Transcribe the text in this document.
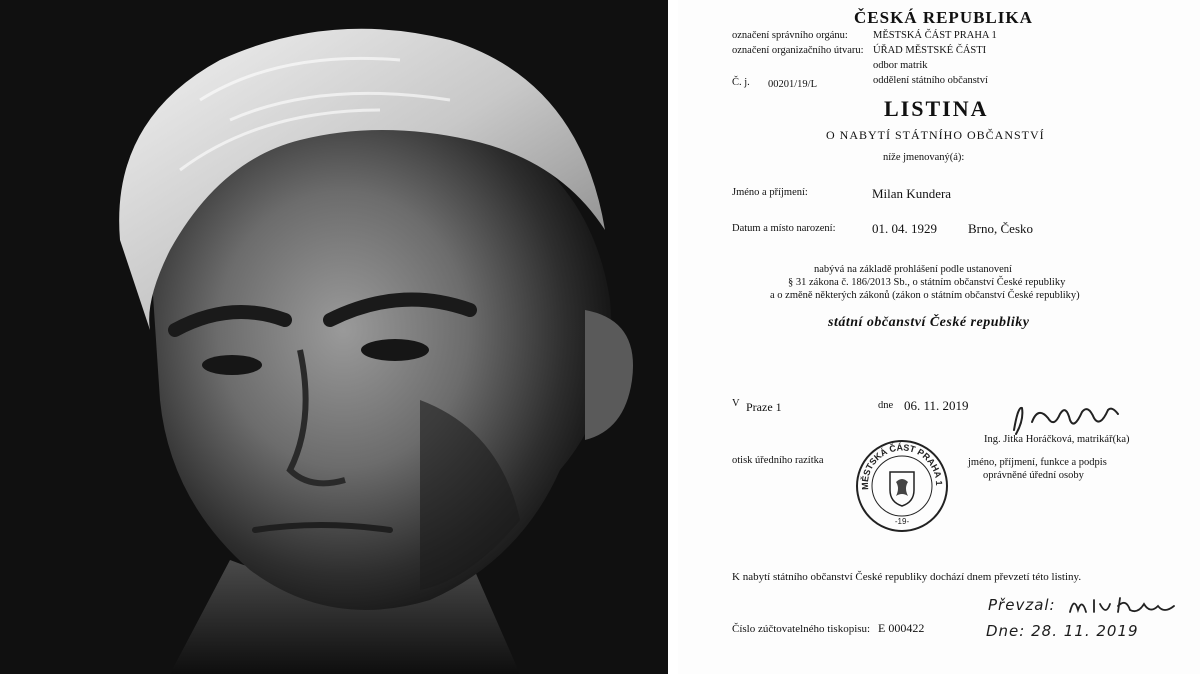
ČESKÁ REPUBLIKA
označení správního orgánu: MĚSTSKÁ ČÁST PRAHA 1
označení organizačního útvaru: ÚŘAD MĚSTSKÉ ČÁSTI
odbor matrik
Č. j. 00201/19/L	oddělení státního občanství
LISTINA
O NABYTÍ STÁTNÍHO OBČANSTVÍ
níže jmenovaný(á):
Jméno a příjmení:	Milan Kundera
Datum a místo narození:	01. 04. 1929 Brno, Česko
nabývá na základě prohlášení podle ustanovení
§ 31 zákona č. 186/2013 Sb., o státním občanství České republiky
a o změně některých zákonů (zákon o státním občanství České republiky)
státní občanství České republiky
V Praze 1	dne 06. 11. 2019
Ing. Jitka Horáčková, matrikář(ka)
otisk úředního razítka	jméno, příjmení, funkce a podpis
oprávněné úřední osoby
MĚSTSKÁ ČÁST PRAHA 1
-19-
K nabytí státního občanství České republiky dochází dnem převzetí této listiny.
Převzal:
Dne: 28. 11. 2019
Číslo zúčtovatelného tiskopisu: E 000422
